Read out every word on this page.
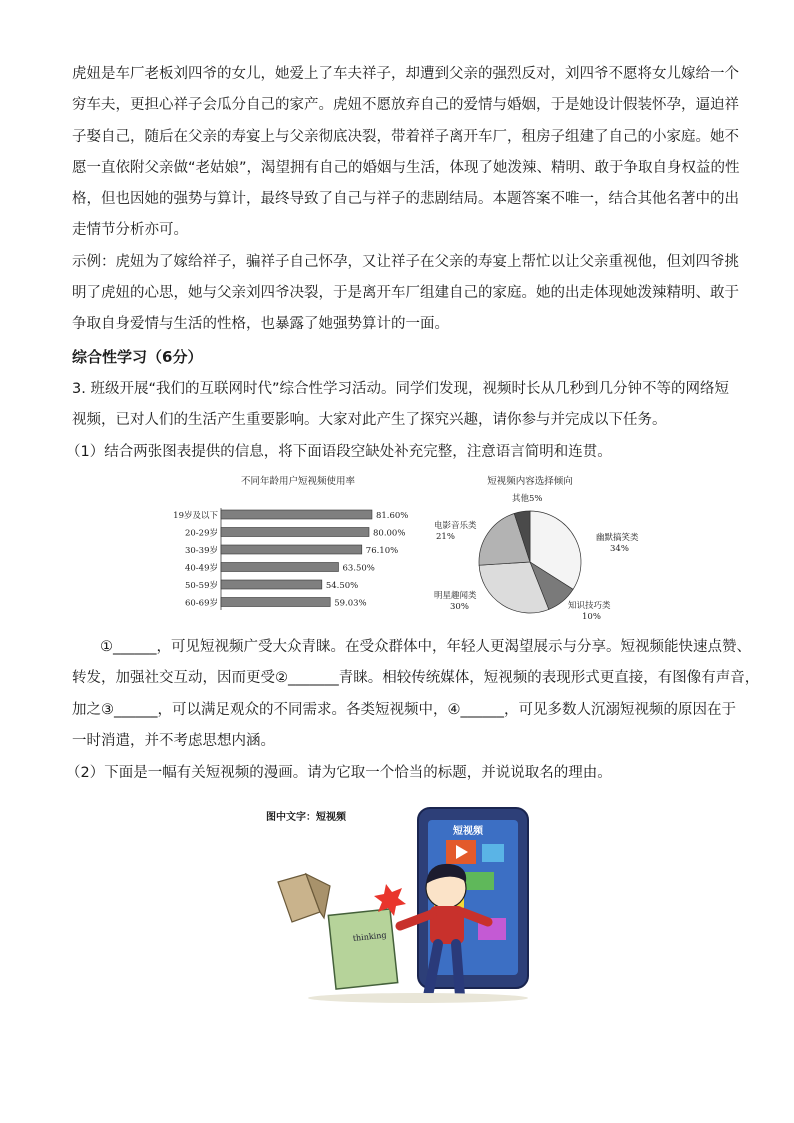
虎妞是车厂老板刘四爷的女儿，她爱上了车夫祥子，却遭到父亲的强烈反对，刘四爷不愿将女儿嫁给一个
穷车夫，更担心祥子会瓜分自己的家产。虎妞不愿放弃自己的爱情与婚姻，于是她设计假装怀孕，逼迫祥
子娶自己，随后在父亲的寿宴上与父亲彻底决裂，带着祥子离开车厂，租房子组建了自己的小家庭。她不
愿一直依附父亲做“老姑娘”，渴望拥有自己的婚姻与生活，体现了她泼辣、精明、敢于争取自身权益的性
格，但也因她的强势与算计，最终导致了自己与祥子的悲剧结局。本题答案不唯一，结合其他名著中的出
走情节分析亦可。
示例：虎妞为了嫁给祥子，骗祥子自己怀孕，又让祥子在父亲的寿宴上帮忙以让父亲重视他，但刘四爷挑
明了虎妞的心思，她与父亲刘四爷决裂，于是离开车厂组建自己的家庭。她的出走体现她泼辣精明、敢于
争取自身爱情与生活的性格，也暴露了她强势算计的一面。
综合性学习（6分）
3. 班级开展“我们的互联网时代”综合性学习活动。同学们发现，视频时长从几秒到几分钟不等的网络短
视频，已对人们的生活产生重要影响。大家对此产生了探究兴趣，请你参与并完成以下任务。
（1）结合两张图表提供的信息，将下面语段空缺处补充完整，注意语言简明和连贯。
不同年龄用户短视频使用率
19岁及以下	81.60%
20-29岁	80.00%
30-39岁	76.10%
40-49岁	63.50%
50-59岁	54.50%
60-69岁	59.03%
短视频内容选择倾向
幽默搞笑类
34%
知识技巧类
10%
明星趣闻类
30%
电影音乐类
21%
其他5%
①______，可见短视频广受大众青睐。在受众群体中，年轻人更渴望展示与分享。短视频能快速点赞、
转发，加强社交互动，因而更受②_______青睐。相较传统媒体，短视频的表现形式更直接，有图像有声音，
加之③______，可以满足观众的不同需求。各类短视频中，④______，可见多数人沉溺短视频的原因在于
一时消遣，并不考虑思想内涵。
（2）下面是一幅有关短视频的漫画。请为它取一个恰当的标题，并说说取名的理由。
图中文字：短视频
短视频
thinking
